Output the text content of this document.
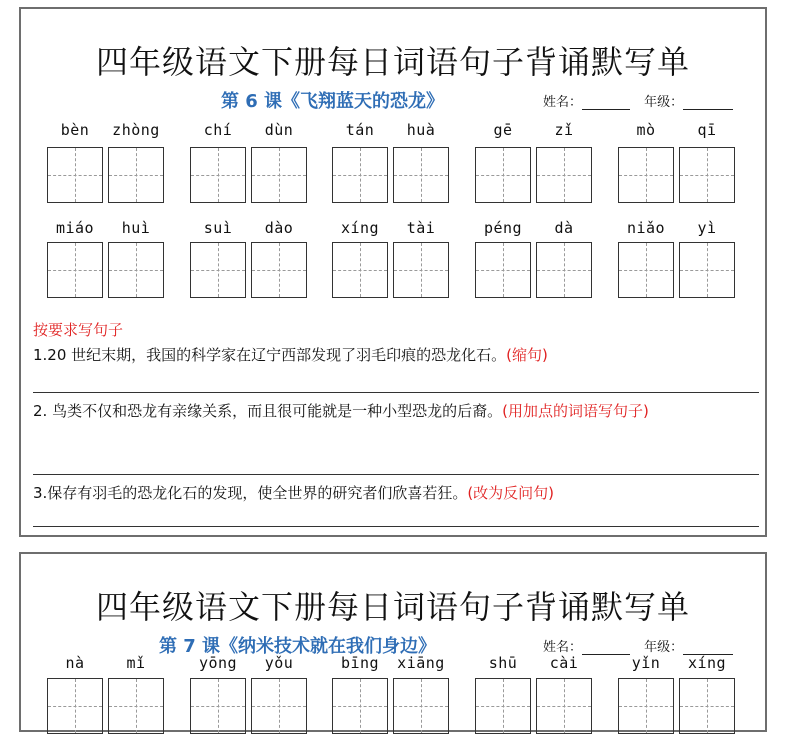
四年级语文下册每日词语句子背诵默写单
第 6 课《飞翔蓝天的恐龙》	姓名：	年级：
bèn	zhòng	chí	dùn	tán	huà	gē	zǐ	mò	qī
miáo	huì	suì	dào	xíng	tài	péng	dà	niǎo	yì
按要求写句子
1.20 世纪末期，我国的科学家在辽宁西部发现了羽毛印痕的恐龙化石。(缩句)
2. 鸟类不仅和恐龙有亲缘关系，而且很可能就是一种小型恐龙的后裔。(用加点的词语写句子)
3.保存有羽毛的恐龙化石的发现，使全世界的研究者们欣喜若狂。(改为反问句)
四年级语文下册每日词语句子背诵默写单
第 7 课《纳米技术就在我们身边》	姓名：	年级：
nà	mǐ	yōng	yǒu	bīng	xiāng	shū	cài	yǐn	xíng
